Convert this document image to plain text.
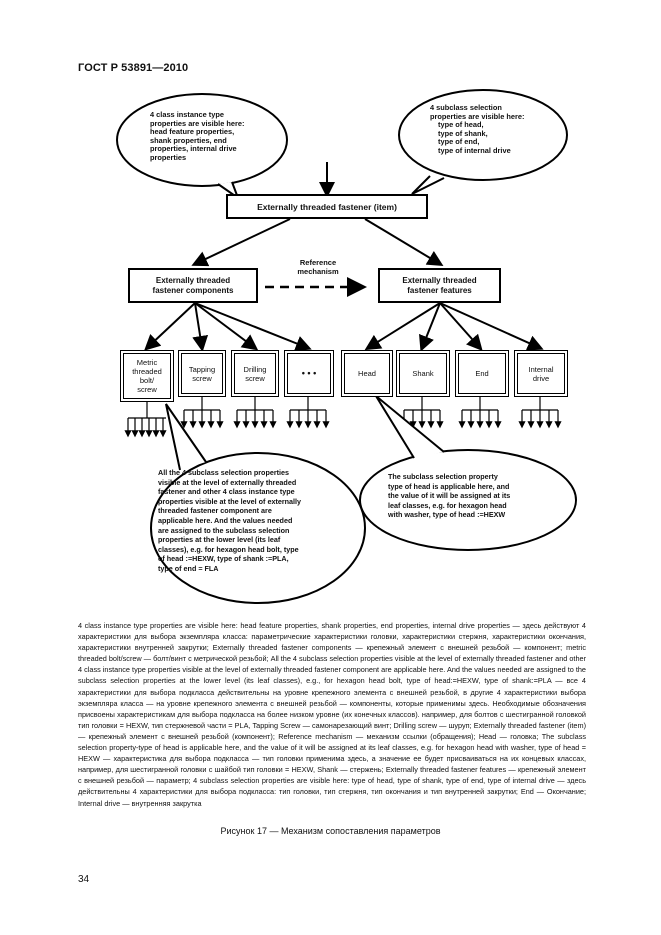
ГОСТ Р 53891—2010
4 class instance type
properties are visible here:
head feature properties,
shank properties, end
properties, internal drive
properties
4 subclass selection
properties are visible here:
type of head,
type of shank,
type of end,
type of internal drive
Externally threaded fastener (item)
Externally threaded
fastener components
Externally threaded
fastener features
Reference
mechanism
Metric
threaded
bolt/
screw
Tapping
screw
Drilling
screw	• • •	Head	Shank	End	Internal
drive
All the 4 subclass selection properties
visible at the level of externally threaded
fastener and other 4 class instance type
properties visible at the level of externally
threaded fastener component are
applicable here. And the values needed
are assigned to the subclass selection
properties at the lower level (its leaf
classes), e.g. for hexagon head bolt, type
of head :=HEXW, type of shank :=PLA,
type of end = FLA
The subclass selection property
type of head is applicable here, and
the value of it will be assigned at its
leaf classes, e.g. for hexagon head
with washer, type of head :=HEXW
4 class instance type properties are visible here: head feature properties, shank properties, end properties, internal drive properties — здесь действуют 4 характеристики для выбора экземпляра класса: параметрические характеристики головки, характеристики стержня, характеристики окончания, характеристики внутренней закрутки; Externally threaded fastener components — крепежный элемент с внешней резьбой — компонент; metric threaded bolt/screw — болт/винт с метрической резьбой; All the 4 subclass selection properties visible at the level of externally threaded fastener and other 4 class instance type properties visible at the level of externally threaded fastener component are applicable here. And the values needed are assigned to the subclass selection properties at the lower level (its leaf classes), e.g., for hexagon head bolt, type of head:=HEXW, type of shank:=PLA — все 4 характеристики для выбора подкласса действительны на уровне крепежного элемента с внешней резьбой, в другие 4 характеристики выбора экземпляра класса — на уровне крепежного элемента с внешней резьбой — компоненты, которые применимы здесь. Необходимые обозначения присвоены характеристикам для выбора подкласса на более низком уровне (их конечных классов). например, для болтов с шестигранной головкой тип головки = HEXW, тип стержневой части = PLA, Tapping Screw — самонарезающий винт; Drilling screw — шуруп; Externally threaded fastener (item) — крепежный элемент с внешней резьбой (компонент); Reference mechanism — механизм ссылки (обращения); Head — головка; The subclass selection property-type of head is applicable here, and the value of it will be assigned at its leaf classes, e.g. for hexagon head with washer, type of head = HEXW — характеристика для выбора подкласса — тип головки применима здесь, а значение ее будет присваиваться на их концевых классах, например, для шестигранной головки с шайбой тип головки = HEXW, Shank — стержень; Externally threaded fastener features — крепежный элемент с внешней резьбой — параметр; 4 subclass selection properties are visible here: type of head, type of shank, type of end, type of internal drive — здесь действительны 4 характеристики для выбора подкласса: тип головки, тип стержня, тип окончания и тип внутренней закрутки; End — Окончание; Internal drive — внутренняя закрутка
Рисунок 17 — Механизм сопоставления параметров
34
